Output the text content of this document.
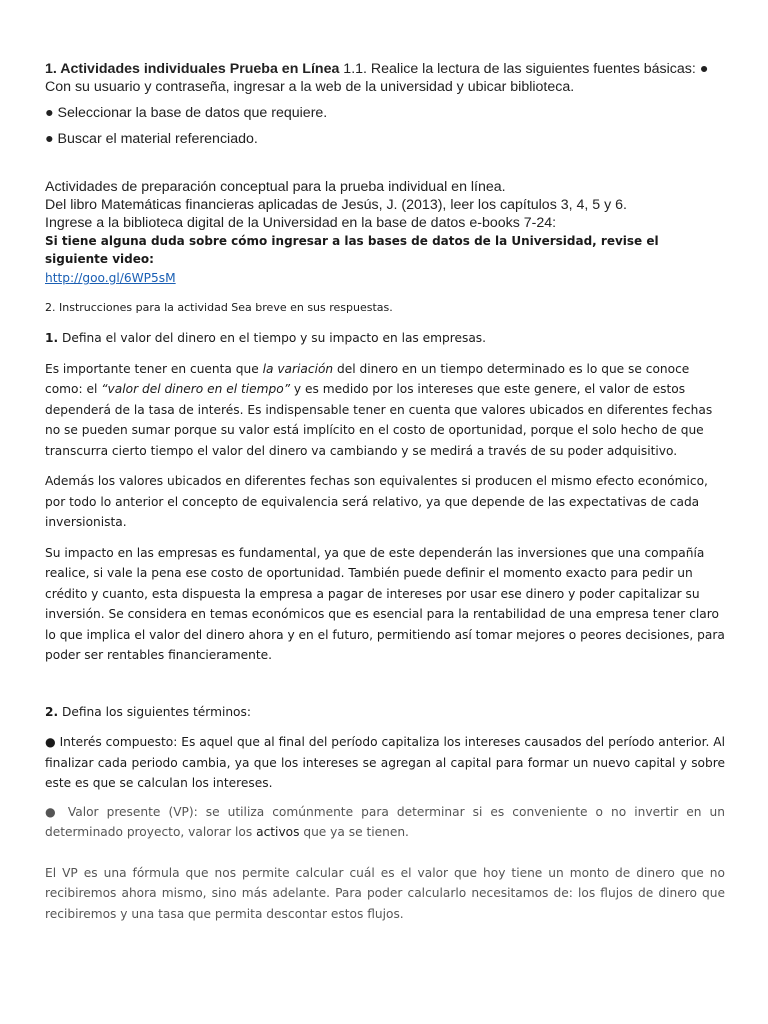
1. Actividades individuales Prueba en Línea 1.1. Realice la lectura de las siguientes fuentes básicas: ● Con su usuario y contraseña, ingresar a la web de la universidad y ubicar biblioteca.

● Seleccionar la base de datos que requiere.

● Buscar el material referenciado.

Actividades de preparación conceptual para la prueba individual en línea.

Del libro Matemáticas financieras aplicadas de Jesús, J. (2013), leer los capítulos 3, 4, 5 y 6.

Ingrese a la biblioteca digital de la Universidad en la base de datos e-books 7-24:

Si tiene alguna duda sobre cómo ingresar a las bases de datos de la Universidad, revise el siguiente video:

http://goo.gl/6WP5sM

2. Instrucciones para la actividad Sea breve en sus respuestas.

1. Defina el valor del dinero en el tiempo y su impacto en las empresas.

Es importante tener en cuenta que la variación del dinero en un tiempo determinado es lo que se conoce como: el “valor del dinero en el tiempo” y es medido por los intereses que este genere, el valor de estos dependerá de la tasa de interés. Es indispensable tener en cuenta que valores ubicados en diferentes fechas no se pueden sumar porque su valor está implícito en el costo de oportunidad, porque el solo hecho de que transcurra cierto tiempo el valor del dinero va cambiando y se medirá a través de su poder adquisitivo.

Además los valores ubicados en diferentes fechas son equivalentes si producen el mismo efecto económico, por todo lo anterior el concepto de equivalencia será relativo, ya que depende de las expectativas de cada inversionista.

Su impacto en las empresas es fundamental, ya que de este dependerán las inversiones que una compañía realice, si vale la pena ese costo de oportunidad. También puede definir el momento exacto para pedir un crédito y cuanto, esta dispuesta la empresa a pagar de intereses por usar ese dinero y poder capitalizar su inversión. Se considera en temas económicos que es esencial para la rentabilidad de una empresa tener claro lo que implica el valor del dinero ahora y en el futuro, permitiendo así tomar mejores o peores decisiones, para poder ser rentables financieramente.

2. Defina los siguientes términos:

● Interés compuesto: Es aquel que al final del período capitaliza los intereses causados del período anterior. Al finalizar cada periodo cambia, ya que los intereses se agregan al capital para formar un nuevo capital y sobre este es que se calculan los intereses.

● Valor presente (VP): se utiliza comúnmente para determinar si es conveniente o no invertir en un determinado proyecto, valorar los activos que ya se tienen.

El VP es una fórmula que nos permite calcular cuál es el valor que hoy tiene un monto de dinero que no recibiremos ahora mismo, sino más adelante. Para poder calcularlo necesitamos de: los flujos de dinero que recibiremos y una tasa que permita descontar estos flujos.
